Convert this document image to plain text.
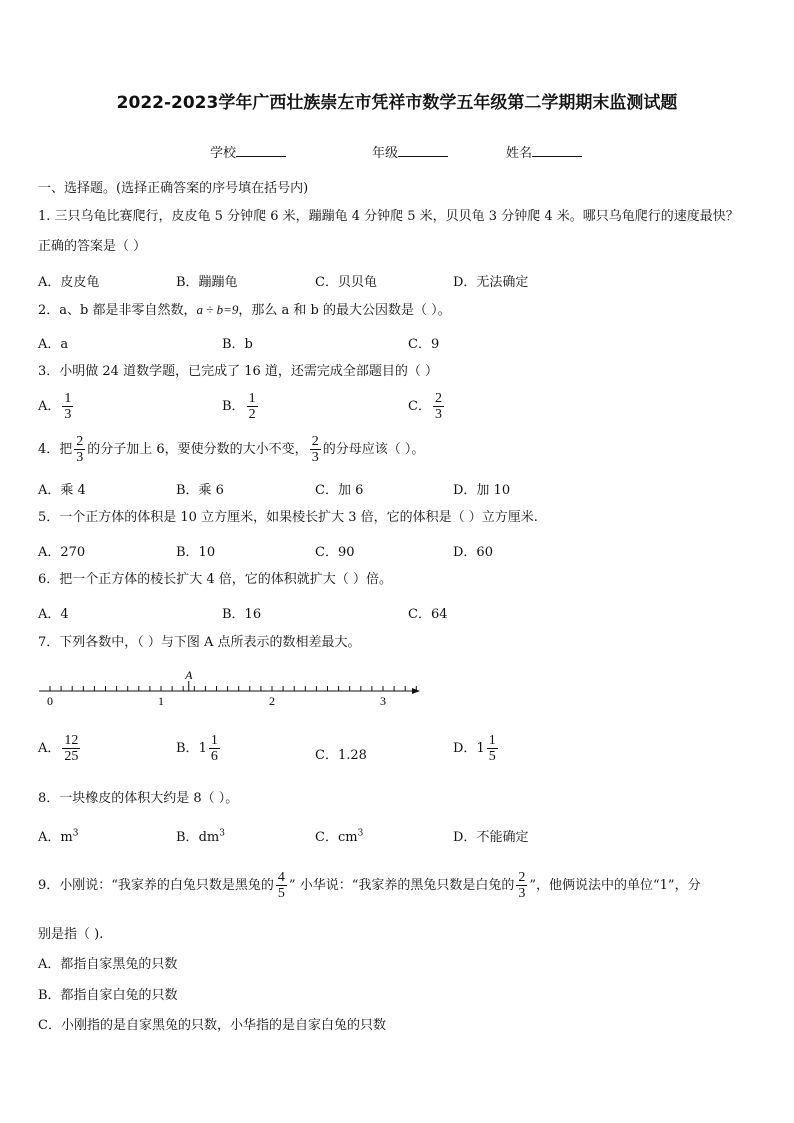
2022-2023学年广西壮族崇左市凭祥市数学五年级第二学期期末监测试题
学校	年级	姓名
一、选择题。(选择正确答案的序号填在括号内)
1. 三只乌龟比赛爬行，皮皮龟 5 分钟爬 6 米，蹦蹦龟 4 分钟爬 5 米，贝贝龟 3 分钟爬 4 米。哪只乌龟爬行的速度最快？
正确的答案是（ ）
A．皮皮龟	B．蹦蹦龟	C．贝贝龟	D．无法确定
2．a、b 都是非零自然数，a ÷ b=9，那么 a 和 b 的最大公因数是（ ）。
A．a	B．b	C．9
3．小明做 24 道数学题，已完成了 16 道，还需完成全部题目的（ ）
A． $\frac{1}{3}$	B． $\frac{1}{2}$	C． $\frac{2}{3}$
4．把 $\frac{2}{3}$ 的分子加上 6，要使分数的大小不变， $\frac{2}{3}$ 的分母应该（ ）。
A．乘 4	B．乘 6	C．加 6	D．加 10
5．一个正方体的体积是 10 立方厘米，如果棱长扩大 3 倍，它的体积是（ ）立方厘米.
A．270	B．10	C．90	D．60
6．把一个正方体的棱长扩大 4 倍，它的体积就扩大（ ）倍。
A．4	B．16	C．64
7．下列各数中，（ ）与下图 A 点所表示的数相差最大。
0	1	2	3
A
A． $\frac{12}{25}$	B．$1 \frac{1}{6}$	C．1.28	D．$1 \frac{1}{5}$
8．一块橡皮的体积大约是 8（ ）。
A．$m^3$	B．$dm^3$	C．$cm^3$	D．不能确定
9．小刚说：“我家养的白兔只数是黑兔的 $\frac{4}{5}$ ” 小华说：“我家养的黑兔只数是白兔的 $\frac{2}{3}$ ”，他俩说法中的单位“1”，分
别是指（ ).
A．都指自家黑兔的只数
B．都指自家白兔的只数
C．小刚指的是自家黑兔的只数，小华指的是自家白兔的只数
